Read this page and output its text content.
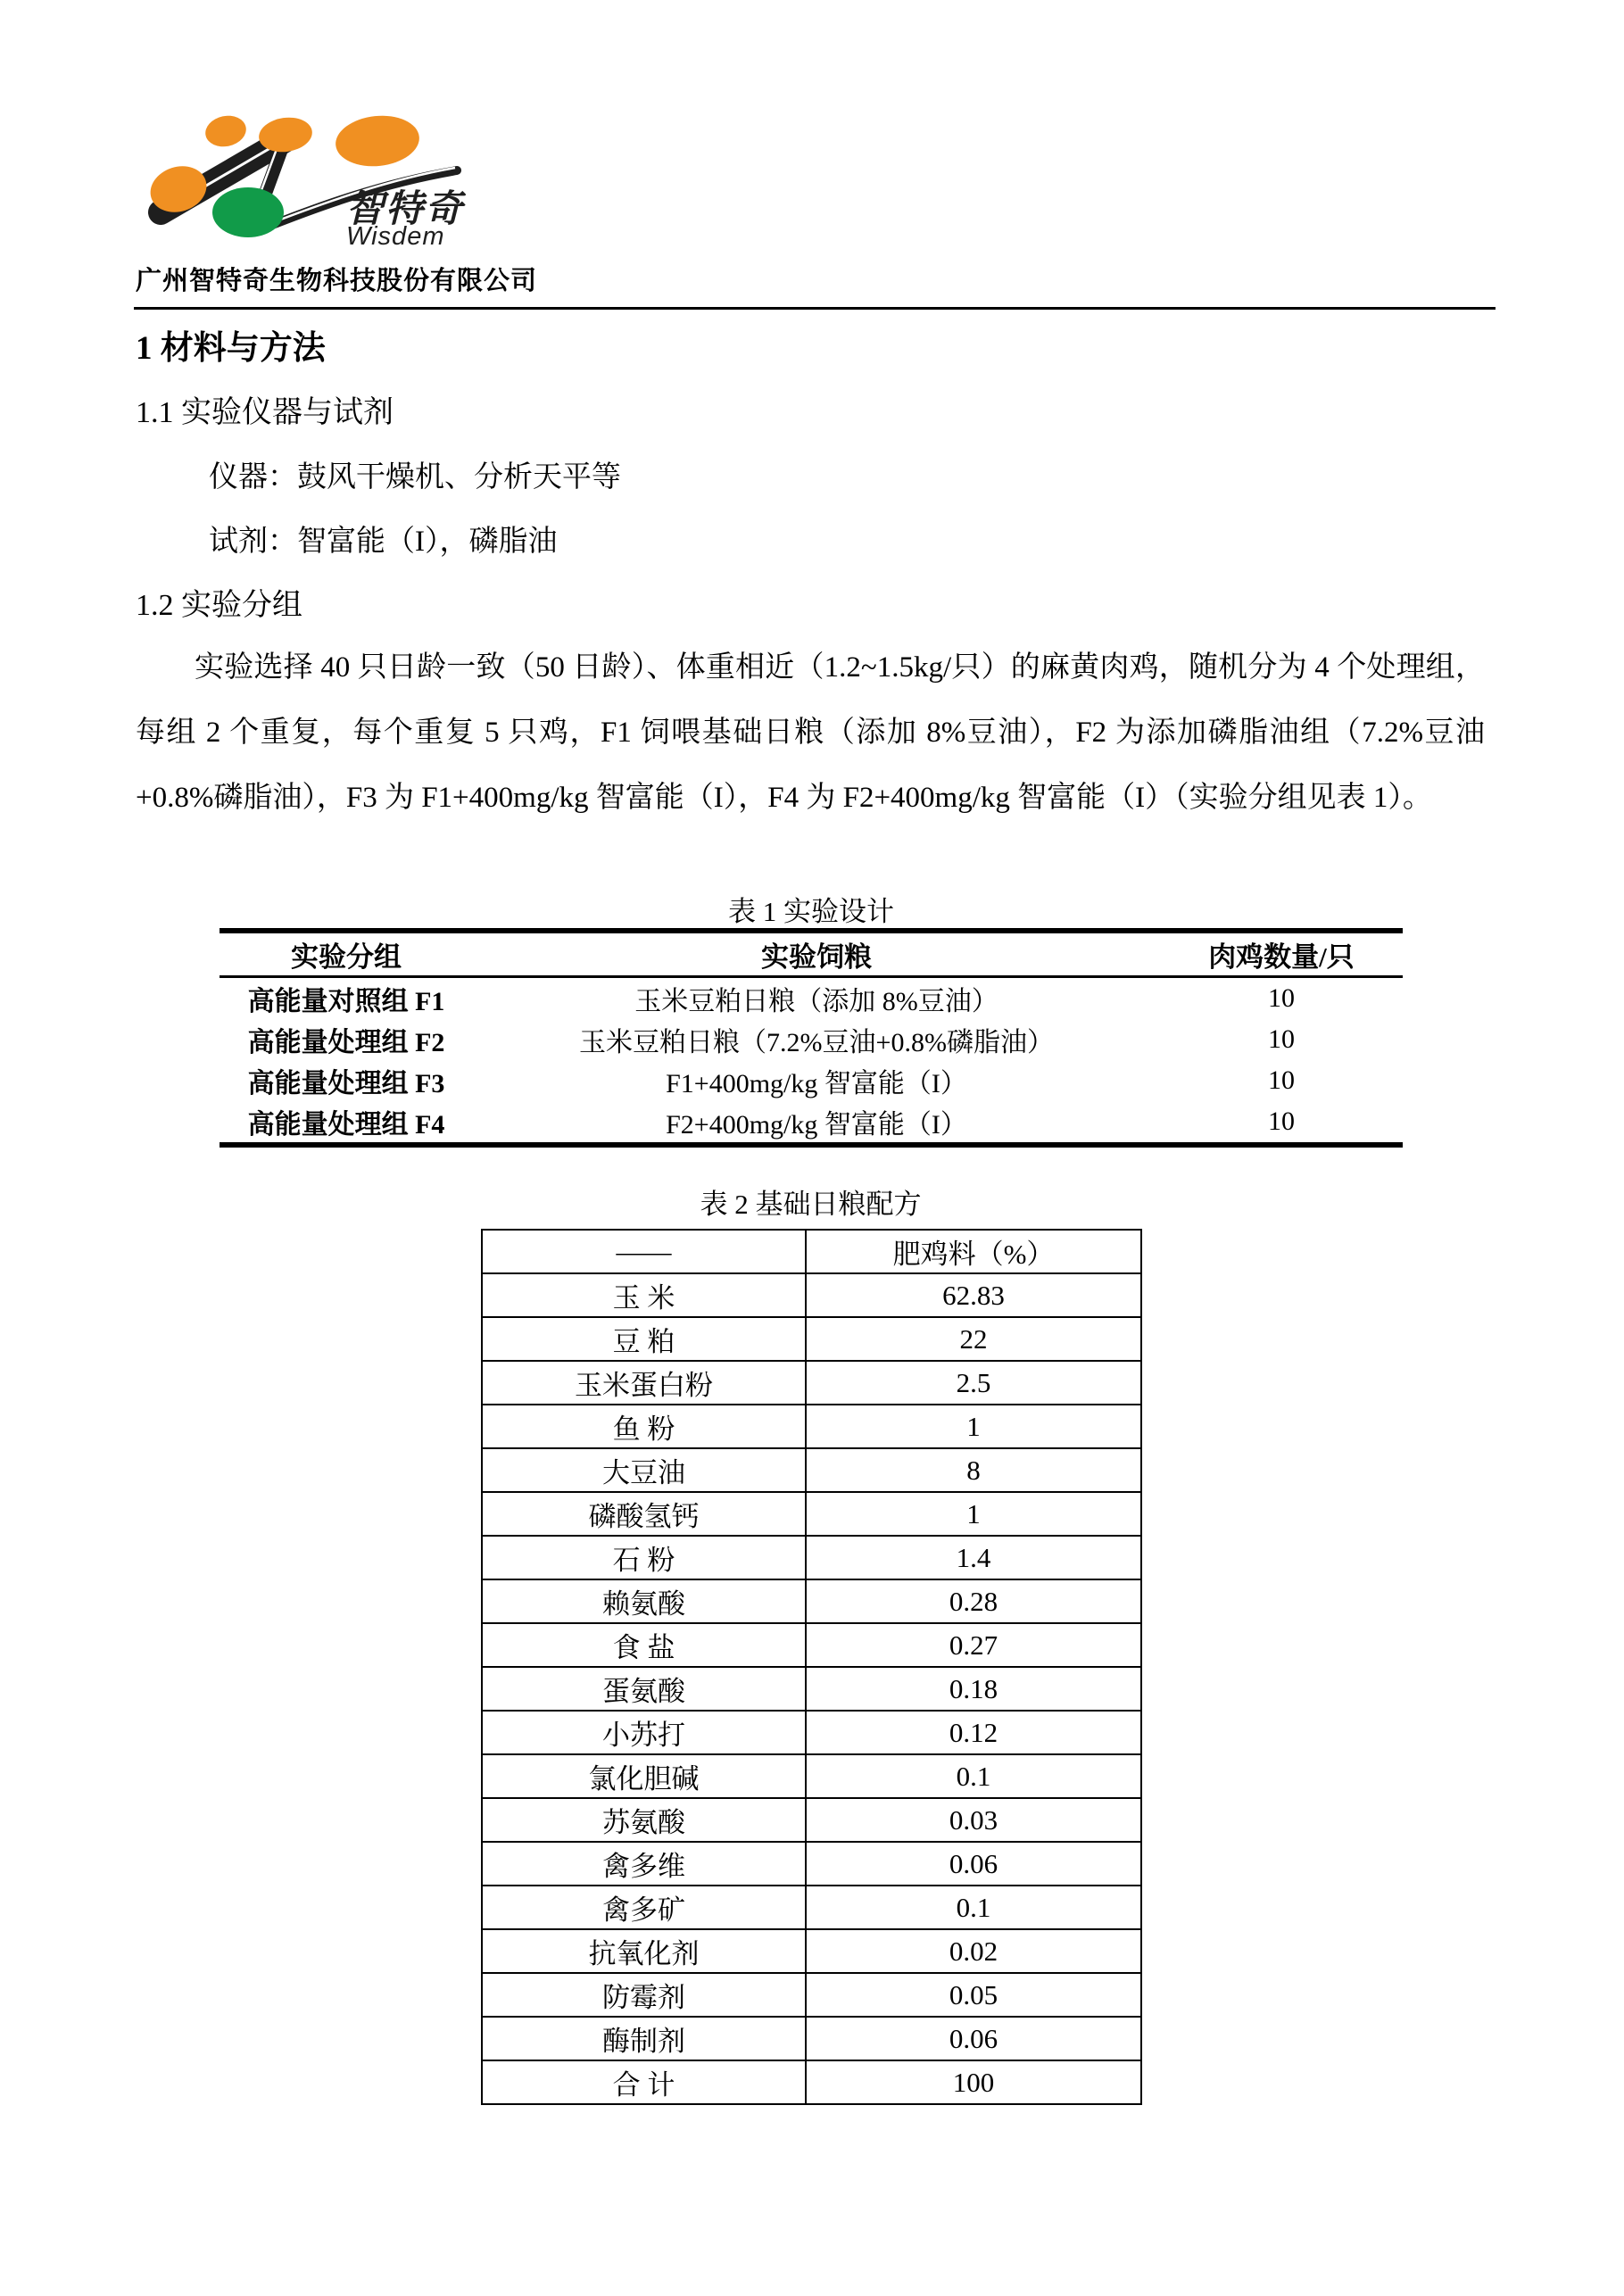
智特奇
Wisdem
广州智特奇生物科技股份有限公司
1 材料与方法
1.1 实验仪器与试剂
仪器：鼓风干燥机、分析天平等
试剂：智富能（I），磷脂油
1.2 实验分组
实验选择 40 只日龄一致（50 日龄）、体重相近（1.2~1.5kg/只）的麻黄肉鸡，随机分为 4 个处理组，每组 2 个重复，每个重复 5 只鸡，F1 饲喂基础日粮（添加 8%豆油），F2 为添加磷脂油组（7.2%豆油+0.8%磷脂油），F3 为 F1+400mg/kg 智富能（I），F4 为 F2+400mg/kg 智富能（I）（实验分组见表 1）。
表 1 实验设计
实验分组	实验饲粮	肉鸡数量/只
高能量对照组 F1	玉米豆粕日粮（添加 8%豆油）	10
高能量处理组 F2	玉米豆粕日粮（7.2%豆油+0.8%磷脂油）	10
高能量处理组 F3	F1+400mg/kg 智富能（I）	10
高能量处理组 F4	F2+400mg/kg 智富能（I）	10
表 2 基础日粮配方
——	肥鸡料（%）
玉 米	62.83
豆 粕	22
玉米蛋白粉	2.5
鱼 粉	1
大豆油	8
磷酸氢钙	1
石 粉	1.4
赖氨酸	0.28
食 盐	0.27
蛋氨酸	0.18
小苏打	0.12
氯化胆碱	0.1
苏氨酸	0.03
禽多维	0.06
禽多矿	0.1
抗氧化剂	0.02
防霉剂	0.05
酶制剂	0.06
合 计	100
